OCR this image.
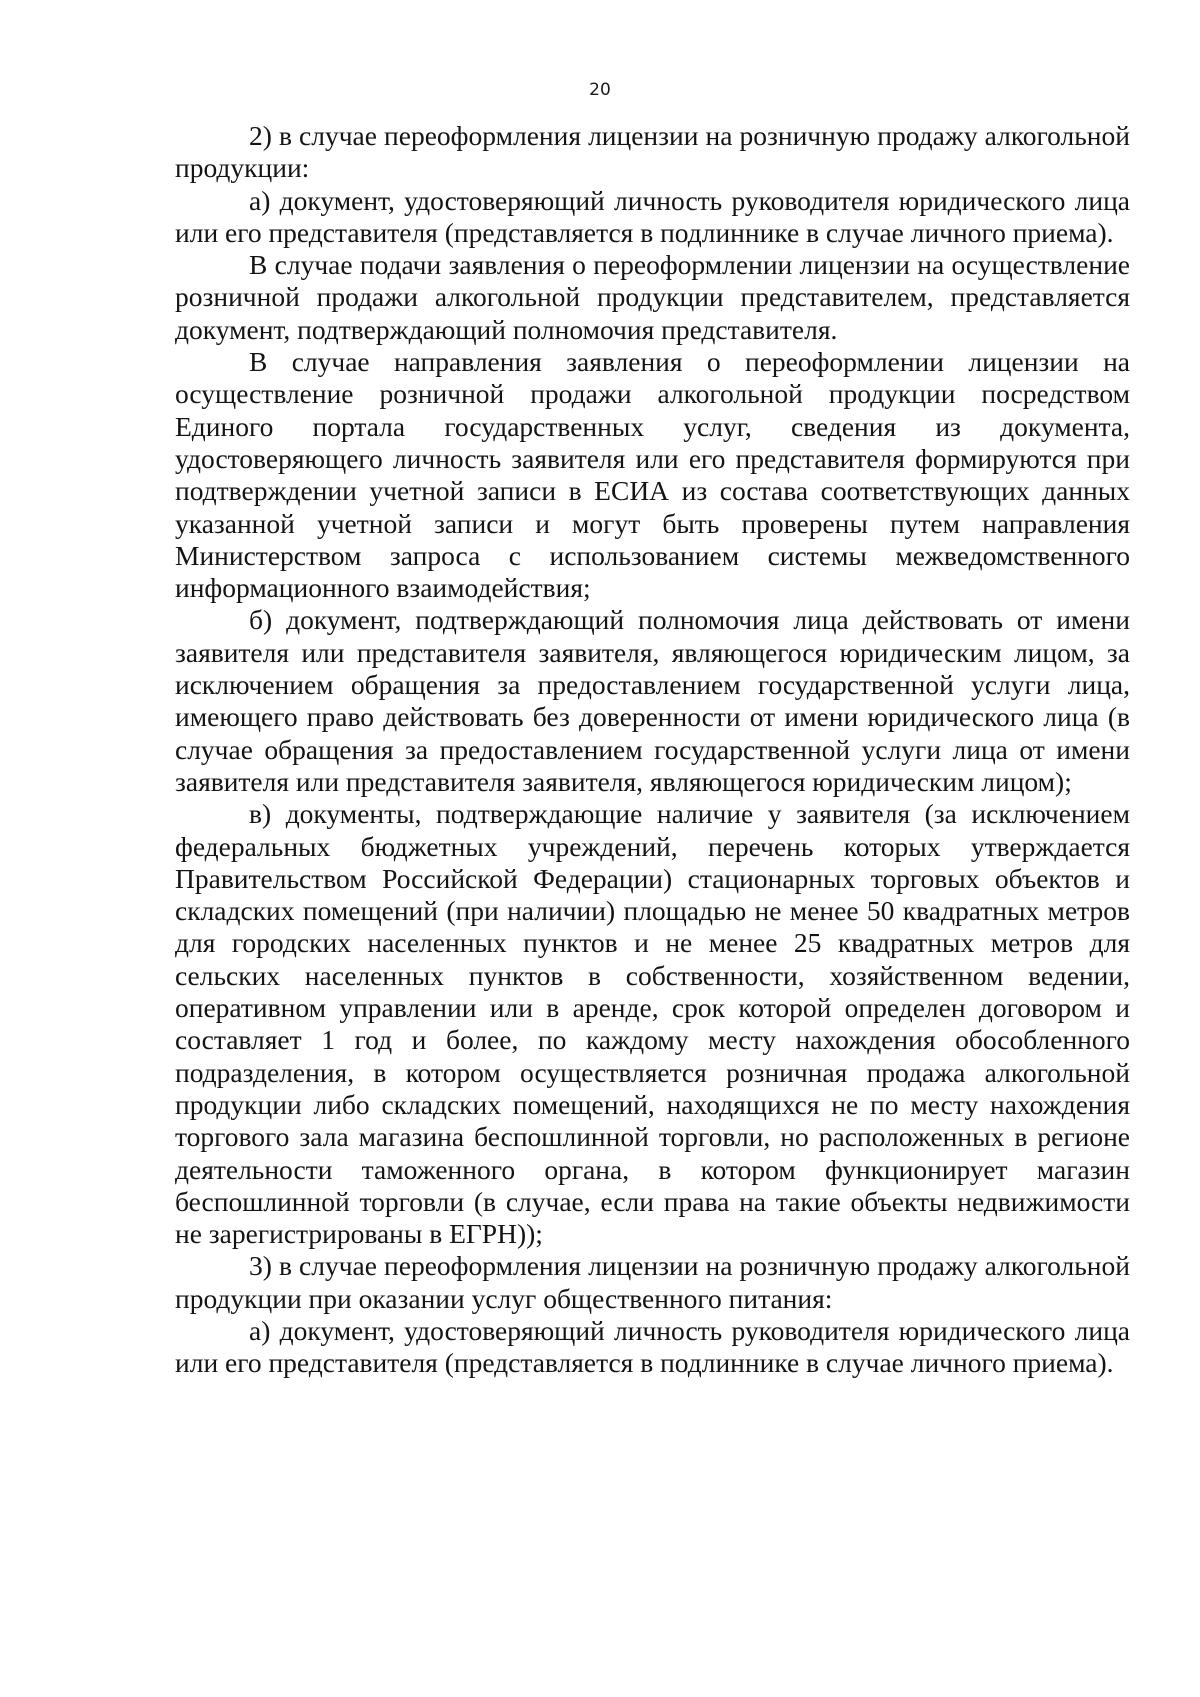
20

2) в случае переоформления лицензии на розничную продажу алкогольной продукции:

а) документ, удостоверяющий личность руководителя юридического лица или его представителя (представляется в подлиннике в случае личного приема).

В случае подачи заявления о переоформлении лицензии на осуществление розничной продажи алкогольной продукции представителем, представляется документ, подтверждающий полномочия представителя.

В случае направления заявления о переоформлении лицензии на осуществление розничной продажи алкогольной продукции посредством Единого портала государственных услуг, сведения из документа, удостоверяющего личность заявителя или его представителя формируются при подтверждении учетной записи в ЕСИА из состава соответствующих данных указанной учетной записи и могут быть проверены путем направления Министерством запроса с использованием системы межведомственного информационного взаимодействия;

б) документ, подтверждающий полномочия лица действовать от имени заявителя или представителя заявителя, являющегося юридическим лицом, за исключением обращения за предоставлением государственной услуги лица, имеющего право действовать без доверенности от имени юридического лица (в случае обращения за предоставлением государственной услуги лица от имени заявителя или представителя заявителя, являющегося юридическим лицом);

в) документы, подтверждающие наличие у заявителя (за исключением федеральных бюджетных учреждений, перечень которых утверждается Правительством Российской Федерации) стационарных торговых объектов и складских помещений (при наличии) площадью не менее 50 квадратных метров для городских населенных пунктов и не менее 25 квадратных метров для сельских населенных пунктов в собственности, хозяйственном ведении, оперативном управлении или в аренде, срок которой определен договором и составляет 1 год и более, по каждому месту нахождения обособленного подразделения, в котором осуществляется розничная продажа алкогольной продукции либо складских помещений, находящихся не по месту нахождения торгового зала магазина беспошлинной торговли, но расположенных в регионе деятельности таможенного органа, в котором функционирует магазин беспошлинной торговли (в случае, если права на такие объекты недвижимости не зарегистрированы в ЕГРН));

3) в случае переоформления лицензии на розничную продажу алкогольной продукции при оказании услуг общественного питания:

а) документ, удостоверяющий личность руководителя юридического лица или его представителя (представляется в подлиннике в случае личного приема).
